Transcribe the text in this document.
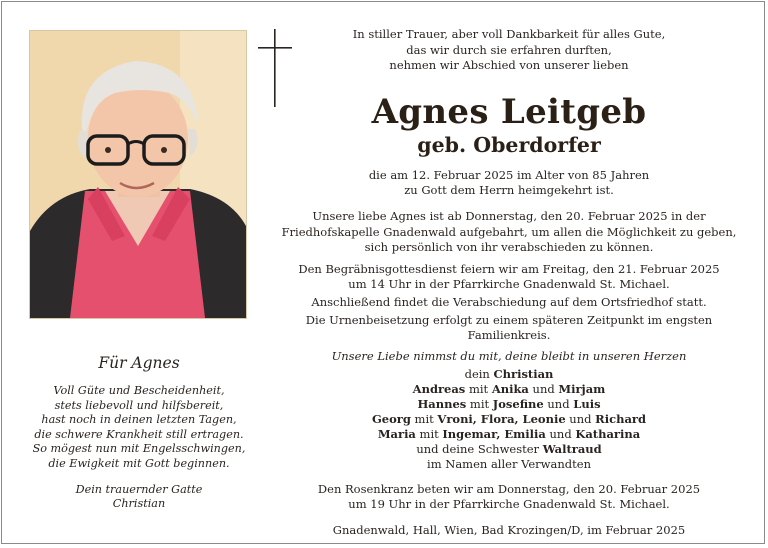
Für Agnes
Voll Güte und Bescheidenheit,
stets liebevoll und hilfsbereit,
hast noch in deinen letzten Tagen,
die schwere Krankheit still ertragen.
So mögest nun mit Engelsschwingen,
die Ewigkeit mit Gott beginnen.
Dein trauernder Gatte
Christian
In stiller Trauer, aber voll Dankbarkeit für alles Gute,
das wir durch sie erfahren durften,
nehmen wir Abschied von unserer lieben
Agnes Leitgeb
geb. Oberdorfer
die am 12. Februar 2025 im Alter von 85 Jahren
zu Gott dem Herrn heimgekehrt ist.
Unsere liebe Agnes ist ab Donnerstag, den 20. Februar 2025 in der
Friedhofskapelle Gnadenwald aufgebahrt, um allen die Möglichkeit zu geben,
sich persönlich von ihr verabschieden zu können.
Den Begräbnisgottesdienst feiern wir am Freitag, den 21. Februar 2025
um 14 Uhr in der Pfarrkirche Gnadenwald St. Michael.
Anschließend findet die Verabschiedung auf dem Ortsfriedhof statt.
Die Urnenbeisetzung erfolgt zu einem späteren Zeitpunkt im engsten Familienkreis.
Unsere Liebe nimmst du mit, deine bleibt in unseren Herzen
dein Christian
Andreas mit Anika und Mirjam
Hannes mit Josefine und Luis
Georg mit Vroni, Flora, Leonie und Richard
Maria mit Ingemar, Emilia und Katharina
und deine Schwester Waltraud
im Namen aller Verwandten
Den Rosenkranz beten wir am Donnerstag, den 20. Februar 2025
um 19 Uhr in der Pfarrkirche Gnadenwald St. Michael.
Gnadenwald, Hall, Wien, Bad Krozingen/D, im Februar 2025
